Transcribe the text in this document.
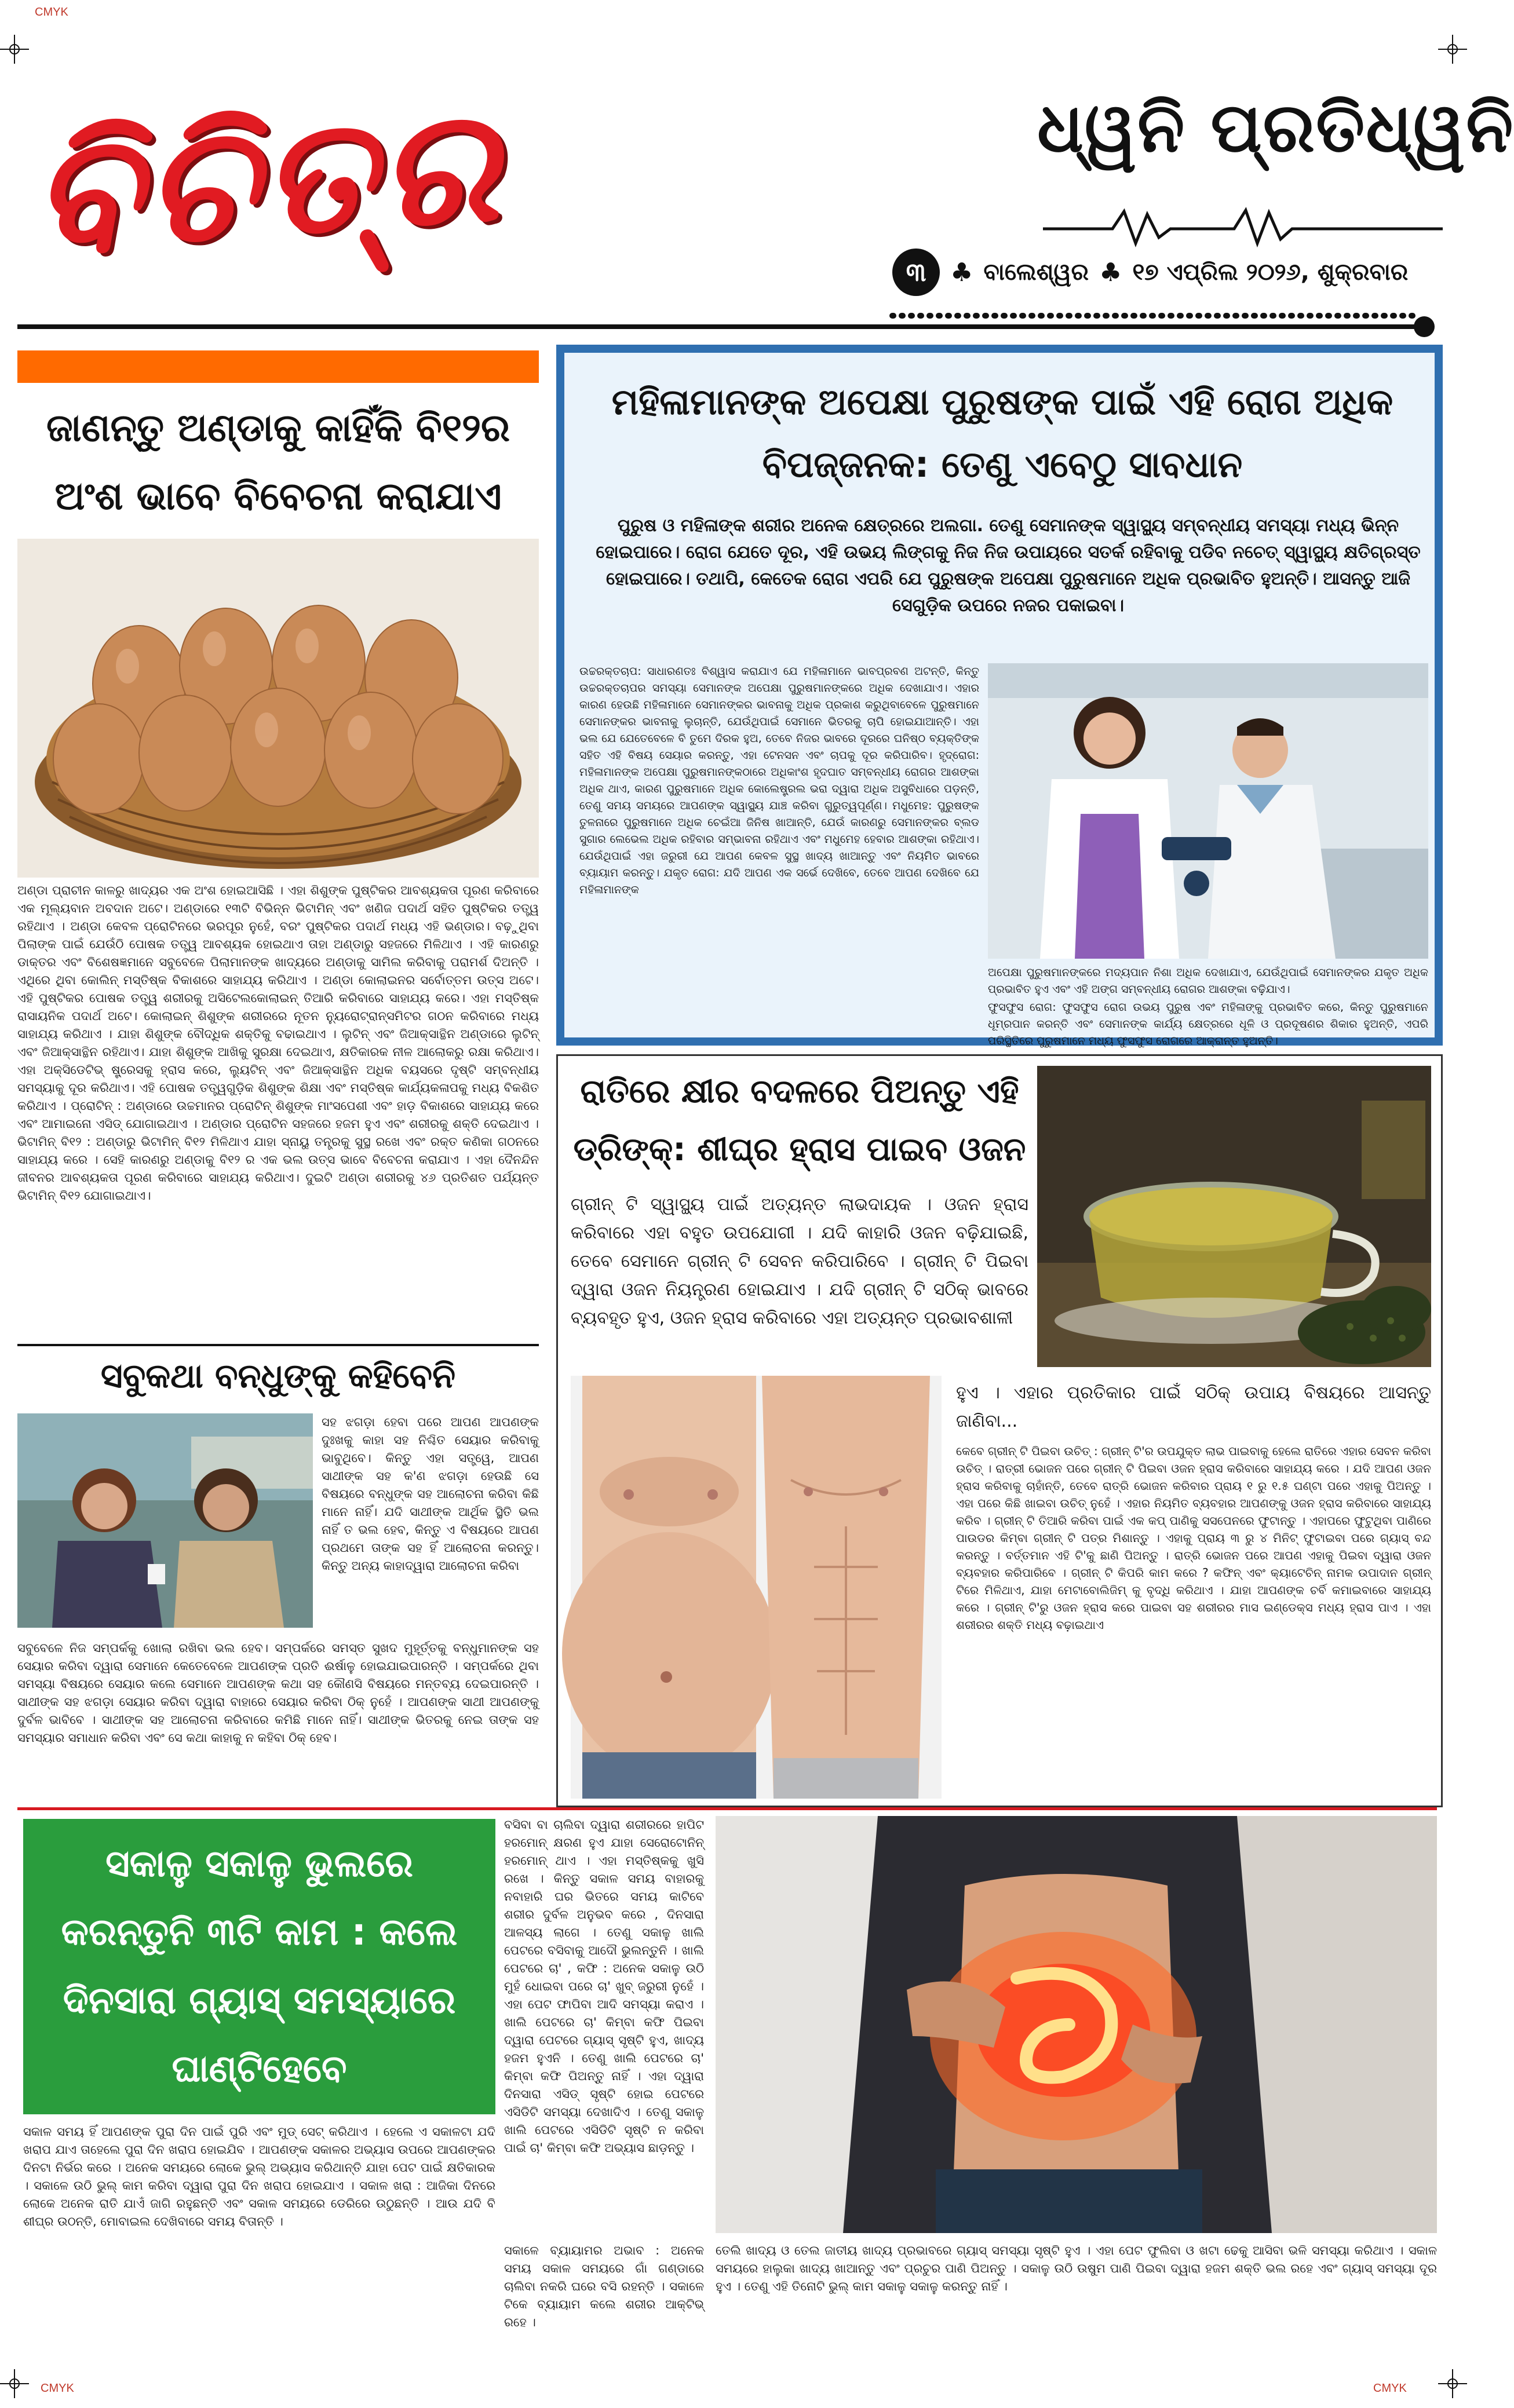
CMYK
CMYK	CMYK
ବିଚିତ୍ର	ଧ୍ୱନି ପ୍ରତିଧ୍ୱନି
୩ ♣ ବାଲେଶ୍ୱର ♣ ୧୭ ଏପ୍ରିଲ ୨୦୨୬, ଶୁକ୍ରବାର
ଜାଣନ୍ତୁ ଅଣ୍ଡାକୁ କାହିଁକି ବି୧୨ର ଅଂଶ ଭାବେ ବିବେଚନା କରାଯାଏ
ଅଣ୍ଡା ପ୍ରାଚୀନ କାଳରୁ ଖାଦ୍ୟର ଏକ ଅଂଶ ହୋଇଆସିଛି । ଏହା ଶିଶୁଙ୍କ ପୁଷ୍ଟିକର ଆବଶ୍ୟକତା ପୂରଣ କରିବାରେ ଏକ ମୂଲ୍ୟବାନ ଅବଦାନ ଅଟେ। ଅଣ୍ଡାରେ ୧୩ଟି ବିଭିନ୍ନ ଭିଟାମିନ୍ ଏବଂ ଖଣିଜ ପଦାର୍ଥ ସହିତ ପୁଷ୍ଟିକର ତତ୍ତ୍ୱ ରହିଥାଏ । ଅଣ୍ଡା କେବଳ ପ୍ରୋଟିନରେ ଭରପୂର ନୁହେଁ, ବରଂ ପୁଷ୍ଟିକର ପଦାର୍ଥ ମଧ୍ୟ ଏହି ଭଣ୍ଡାର। ବଢ଼ୁଥିବା ପିଲାଙ୍କ ପାଇଁ ଯେଉଁଠି ପୋଷକ ତତ୍ତ୍ୱ ଆବଶ୍ୟକ ହୋଇଥାଏ ତାହା ଅଣ୍ଡାରୁ ସହଜରେ ମିଳିଥାଏ । ଏହି କାରଣରୁ ଡାକ୍ତର ଏବଂ ବିଶେଷଜ୍ଞମାନେ ସବୁବେଳେ ପିଲାମାନଙ୍କ ଖାଦ୍ୟରେ ଅଣ୍ଡାକୁ ସାମିଲ କରିବାକୁ ପରାମର୍ଶ ଦିଅନ୍ତି । ଏଥିରେ ଥିବା କୋଲିନ୍ ମସ୍ତିଷ୍କ ବିକାଶରେ ସାହାଯ୍ୟ କରିଥାଏ । ଅଣ୍ଡା କୋଲାଇନର ସର୍ବୋତ୍ତମ ଉତ୍ସ ଅଟେ। ଏହି ପୁଷ୍ଟିକର ପୋଷକ ତତ୍ତ୍ୱ ଶରୀରକୁ ଅସିଟେଲକୋଲାଇନ୍ ତିଆରି କରିବାରେ ସାହାଯ୍ୟ କରେ। ଏହା ମସ୍ତିଷ୍କ ରାସାୟନିକ ପଦାର୍ଥ ଅଟେ। କୋଲାଇନ୍ ଶିଶୁଙ୍କ ଶରୀରରେ ନୂତନ ନ୍ୟୁରୋଟ୍ରାନ୍ସମିଟର ଗଠନ କରିବାରେ ମଧ୍ୟ ସାହାଯ୍ୟ କରିଥାଏ । ଯାହା ଶିଶୁଙ୍କ ବୌଦ୍ଧିକ ଶକ୍ତିକୁ ବଢାଇଥାଏ । ଲୁଟିନ୍ ଏବଂ ଜିଆକ୍ସାନ୍ଥିନ ଅଣ୍ଡାରେ ଲୁଟିନ୍ ଏବଂ ଜିଆକ୍ସାନ୍ଥିନ ରହିଥାଏ। ଯାହା ଶିଶୁଙ୍କ ଆଖିକୁ ସୁରକ୍ଷା ଦେଇଥାଏ, କ୍ଷତିକାରକ ନୀଳ ଆଲୋକରୁ ରକ୍ଷା କରିଥାଏ। ଏହା ଅକ୍ସିଡେଟିଭ୍ ଷ୍ଟ୍ରେସକୁ ହ୍ରାସ କରେ, ଲ୍ୟୁଟିନ୍ ଏବଂ ଜିଆକ୍ସାନ୍ଥିନ ଅଧିକ ବୟସରେ ଦୃଷ୍ଟି ସମ୍ବନ୍ଧୀୟ ସମସ୍ୟାକୁ ଦୂର କରିଥାଏ। ଏହି ପୋଷକ ତତ୍ତ୍ୱଗୁଡ଼ିକ ଶିଶୁଙ୍କ ଶିକ୍ଷା ଏବଂ ମସ୍ତିଷ୍କ କାର୍ଯ୍ୟକଳାପକୁ ମଧ୍ୟ ବିକଶିତ କରିଥାଏ । ପ୍ରୋଟିନ୍ : ଅଣ୍ଡାରେ ଉଚ୍ଚମାନର ପ୍ରୋଟିନ୍ ଶିଶୁଙ୍କ ମାଂସପେଶୀ ଏବଂ ହାଡ଼ ବିକାଶରେ ସାହାଯ୍ୟ କରେ ଏବଂ ଆମାଇନୋ ଏସିଡ୍ ଯୋଗାଇଥାଏ । ଅଣ୍ଡାର ପ୍ରୋଟିନ ସହଜରେ ହଜମ ହୁଏ ଏବଂ ଶରୀରକୁ ଶକ୍ତି ଦେଇଥାଏ । ଭିଟାମିନ୍ ବି୧୨ : ଅଣ୍ଡାରୁ ଭିଟାମିନ୍ ବି୧୨ ମିଳିଥାଏ ଯାହା ସ୍ନାୟୁ ତନ୍ତ୍ରକୁ ସୁସ୍ଥ ରଖେ ଏବଂ ରକ୍ତ କଣିକା ଗଠନରେ ସାହାଯ୍ୟ କରେ । ସେହି କାରଣରୁ ଅଣ୍ଡାକୁ ବି୧୨ ର ଏକ ଭଲ ଉତ୍ସ ଭାବେ ବିବେଚନା କରାଯାଏ । ଏହା ଦୈନନ୍ଦିନ ଜୀବନର ଆବଶ୍ୟକତା ପୂରଣ କରିବାରେ ସାହାଯ୍ୟ କରିଥାଏ। ଦୁଇଟି ଅଣ୍ଡା ଶରୀରକୁ ୪୬ ପ୍ରତିଶତ ପର୍ଯ୍ୟନ୍ତ ଭିଟାମିନ୍ ବି୧୨ ଯୋଗାଇଥାଏ।
ମହିଳାମାନଙ୍କ ଅପେକ୍ଷା ପୁରୁଷଙ୍କ ପାଇଁ ଏହି ରୋଗ ଅଧିକ ବିପଜ୍ଜନକ: ତେଣୁ ଏବେଠୁ ସାବଧାନ
ପୁରୁଷ ଓ ମହିଳାଙ୍କ ଶରୀର ଅନେକ କ୍ଷେତ୍ରରେ ଅଲଗା. ତେଣୁ ସେମାନଙ୍କ ସ୍ୱାସ୍ଥ୍ୟ ସମ୍ବନ୍ଧୀୟ ସମସ୍ୟା ମଧ୍ୟ ଭିନ୍ନ ହୋଇପାରେ। ରୋଗ ଯେତେ ଦୂର, ଏହି ଉଭୟ ଲିଙ୍ଗକୁ ନିଜ ନିଜ ଉପାୟରେ ସତର୍କ ରହିବାକୁ ପଡିବ ନଚେତ୍ ସ୍ୱାସ୍ଥ୍ୟ କ୍ଷତିଗ୍ରସ୍ତ ହୋଇପାରେ। ତଥାପି, କେତେକ ରୋଗ ଏପରି ଯେ ପୁରୁଷଙ୍କ ଅପେକ୍ଷା ପୁରୁଷମାନେ ଅଧିକ ପ୍ରଭାବିତ ହୁଅନ୍ତି। ଆସନ୍ତୁ ଆଜି ସେଗୁଡ଼ିକ ଉପରେ ନଜର ପକାଇବା।
ଉଚ୍ଚରକ୍ତଚାପ: ସାଧାରଣତଃ ବିଶ୍ୱାସ କରାଯାଏ ଯେ ମହିଳାମାନେ ଭାବପ୍ରବଣ ଅଟନ୍ତି, କିନ୍ତୁ ଉଚ୍ଚରକ୍ତଚାପର ସମସ୍ୟା ସେମାନଙ୍କ ଅପେକ୍ଷା ପୁରୁଷମାନଙ୍କରେ ଅଧିକ ଦେଖାଯାଏ। ଏହାର କାରଣ ହେଉଛି ମହିଳାମାନେ ସେମାନଙ୍କର ଭାବନାକୁ ଅଧିକ ପ୍ରକାଶ କରୁଥିବାବେଳେ ପୁରୁଷମାନେ ସେମାନଙ୍କର ଭାବନାକୁ ଲୁଚାନ୍ତି, ଯେଉଁଥିପାଇଁ ସେମାନେ ଭିତରକୁ ଚାପି ହୋଇଯାଆନ୍ତି। ଏହା ଭଲ ଯେ ଯେତେବେଳେ ବି ତୁମେ ଦିରକ ହୁଅ, ତେବେ ନିଜର ଭାବରେ ଦୂରରେ ଘନିଷ୍ଠ ବ୍ୟକ୍ତିଙ୍କ ସହିତ ଏହି ବିଷୟ ସେୟାର କରନ୍ତୁ, ଏହା ଟେନସନ ଏବଂ ଚାପକୁ ଦୂର କରିପାରିବ। ହୃଦ୍‌ରୋଗ: ମହିଳାମାନଙ୍କ ଅପେକ୍ଷା ପୁରୁଷମାନଙ୍କଠାରେ ଅଧିକାଂଶ ହୃଦଘାତ ସମ୍ବନ୍ଧୀୟ ରୋଗର ଆଶଙ୍କା ଅଧିକ ଥାଏ, କାରଣ ପୁରୁଷମାନେ ଅଧିକ କୋଲେଷ୍ଟ୍ରଲ ଭରା ଦ୍ୱାରା ଅଧିକ ଅସୁବିଧାରେ ପଡ଼ନ୍ତି, ତେଣୁ ସମୟ ସମୟରେ ଆପଣଙ୍କ ସ୍ୱାସ୍ଥ୍ୟ ଯାଞ୍ଚ କରିବା ଗୁରୁତ୍ୱପୂର୍ଣ୍ଣ। ମଧୁମେହ: ପୁରୁଷଙ୍କ ତୁଳନାରେ ପୁରୁଷମାନେ ଅଧିକ ଚେଇଁଆ ଜିନିଷ ଖାଆନ୍ତି, ଯେଉଁ କାରଣରୁ ସେମାନଙ୍କର ବ୍ଲଡ ସୁଗାର ଲେଭେଲ ଅଧିକ ରହିବାର ସମ୍ଭାବନା ରହିଥାଏ ଏବଂ ମଧୁମେହ ହେବାର ଆଶଙ୍କା ରହିଥାଏ। ଯେଉଁଥିପାଇଁ ଏହା ଜରୁରୀ ଯେ ଆପଣ କେବଳ ସୁସ୍ଥ ଖାଦ୍ୟ ଖାଆନ୍ତୁ ଏବଂ ନିୟମିତ ଭାବରେ ବ୍ୟାୟାମ କରନ୍ତୁ। ଯକୃତ ରୋଗ: ଯଦି ଆପଣ ଏକ ସର୍ଭେ ଦେଖିବେ, ତେବେ ଆପଣ ଦେଖିବେ ଯେ ମହିଳାମାନଙ୍କ
ଅପେକ୍ଷା ପୁରୁଷମାନଙ୍କରେ ମଦ୍ୟପାନ ନିଶା ଅଧିକ ଦେଖାଯାଏ, ଯେଉଁଥିପାଇଁ ସେମାନଙ୍କର ଯକୃତ ଅଧିକ ପ୍ରଭାବିତ ହୁଏ ଏବଂ ଏହି ଅଙ୍ଗ ସମ୍ବନ୍ଧୀୟ ରୋଗର ଆଶଙ୍କା ବଢ଼ିଯାଏ।
ଫୁସଫୁସ ରୋଗ: ଫୁସଫୁସ ରୋଗ ଉଭୟ ପୁରୁଷ ଏବଂ ମହିଳାଙ୍କୁ ପ୍ରଭାବିତ କରେ, କିନ୍ତୁ ପୁରୁଷମାନେ ଧୂମ୍ରପାନ କରନ୍ତି ଏବଂ ସେମାନଙ୍କ କାର୍ଯ୍ୟ କ୍ଷେତ୍ରରେ ଧୂଳି ଓ ପ୍ରଦୂଷଣର ଶିକାର ହୁଅନ୍ତି, ଏପରି ପରିସ୍ଥିତିରେ ପୁରୁଷମାନେ ମଧ୍ୟ ଫୁସଫୁସ ରୋଗରେ ଆକ୍ରାନ୍ତ ହୁଅନ୍ତି।
ରାତିରେ କ୍ଷୀର ବଦଳରେ ପିଅନ୍ତୁ ଏହି ଡ୍ରିଙ୍କ୍: ଶୀଘ୍ର ହ୍ରାସ ପାଇବ ଓଜନ
ଗ୍ରୀନ୍ ଟି ସ୍ୱାସ୍ଥ୍ୟ ପାଇଁ ଅତ୍ୟନ୍ତ ଲାଭଦାୟକ । ଓଜନ ହ୍ରାସ କରିବାରେ ଏହା ବହୁତ ଉପଯୋଗୀ । ଯଦି କାହାରି ଓଜନ ବଢ଼ିଯାଇଛି, ତେବେ ସେମାନେ ଗ୍ରୀନ୍ ଟି ସେବନ କରିପାରିବେ । ଗ୍ରୀନ୍ ଟି ପିଇବା ଦ୍ୱାରା ଓଜନ ନିୟନ୍ତ୍ରଣ ହୋଇଯାଏ । ଯଦି ଗ୍ରୀନ୍ ଟି ସଠିକ୍ ଭାବରେ ବ୍ୟବହୃତ ହୁଏ, ଓଜନ ହ୍ରାସ କରିବାରେ ଏହା ଅତ୍ୟନ୍ତ ପ୍ରଭାବଶାଳୀ
ହୁଏ । ଏହାର ପ୍ରତିକାର ପାଇଁ ସଠିକ୍ ଉପାୟ ବିଷୟରେ ଆସନ୍ତୁ ଜାଣିବା...
କେବେ ଗ୍ରୀନ୍ ଟି ପିଇବା ଉଚିତ୍ : ଗ୍ରୀନ୍ ଟି'ର ଉପଯୁକ୍ତ ଲାଭ ପାଇବାକୁ ହେଲେ ରାତିରେ ଏହାର ସେବନ କରିବା ଉଚିତ୍ । ରାତ୍ରୀ ଭୋଜନ ପରେ ଗ୍ରୀନ୍ ଟି ପିଇବା ଓଜନ ହ୍ରାସ କରିବାରେ ସାହାଯ୍ୟ କରେ । ଯଦି ଆପଣ ଓଜନ ହ୍ରାସ କରିବାକୁ ଚାହାଁନ୍ତି, ତେବେ ରାତ୍ରି ଭୋଜନ କରିବାର ପ୍ରାୟ ୧ ରୁ ୧.୫ ଘଣ୍ଟା ପରେ ଏହାକୁ ପିଅନ୍ତୁ । ଏହା ପରେ କିଛି ଖାଇବା ଉଚିତ୍ ନୁହେଁ । ଏହାର ନିୟମିତ ବ୍ୟବହାର ଆପଣଙ୍କୁ ଓଜନ ହ୍ରାସ କରିବାରେ ସାହାଯ୍ୟ କରିବ । ଗ୍ରୀନ୍ ଟି ତିଆରି କରିବା ପାଇଁ ଏକ କପ୍ ପାଣିକୁ ସସପେନରେ ଫୁଟାନ୍ତୁ । ଏହାପରେ ଫୁଟୁଥିବା ପାଣିରେ ପାଉଡର କିମ୍ବା ଗ୍ରୀନ୍ ଟି ପତ୍ର ମିଶାନ୍ତୁ । ଏହାକୁ ପ୍ରାୟ ୩ ରୁ ୪ ମିନିଟ୍ ଫୁଟାଇବା ପରେ ଗ୍ୟାସ୍ ବନ୍ଦ କରନ୍ତୁ । ବର୍ତ୍ତମାନ ଏହି ଟି'କୁ ଛାଣି ପିଅନ୍ତୁ । ରାତ୍ରି ଭୋଜନ ପରେ ଆପଣ ଏହାକୁ ପିଇବା ଦ୍ୱାରା ଓଜନ ବ୍ୟବହାର କରିପାରିବେ । ଗ୍ରୀନ୍ ଟି କିପରି କାମ କରେ ? କଫିନ୍ ଏବଂ କ୍ୟାଟେଚିନ୍ ନାମକ ଉପାଦାନ ଗ୍ରୀନ୍ ଟିରେ ମିଳିଥାଏ, ଯାହା ମେଟାବୋଲିଜିମ୍ କୁ ବୃଦ୍ଧି କରିଥାଏ । ଯାହା ଆପଣଙ୍କ ଚର୍ବି କମାଇବାରେ ସାହାଯ୍ୟ କରେ । ଗ୍ରୀନ୍ ଟି'ରୁ ଓଜନ ହ୍ରାସ କରେ ପାଇବା ସହ ଶରୀରର ମାସ ଇଣ୍ଡେକ୍ସ ମଧ୍ୟ ହ୍ରାସ ପାଏ । ଏହା ଶରୀରର ଶକ୍ତି ମଧ୍ୟ ବଢ଼ାଇଥାଏ
ସବୁକଥା ବନ୍ଧୁଙ୍କୁ କହିବେନି
ସହ ଝଗଡ଼ା ହେବା ପରେ ଆପଣ ଆପଣଙ୍କ ଦୁଃଖକୁ କାହା ସହ ନିଶ୍ଚିତ ସେୟାର କରିବାକୁ ଭାବୁଥିବେ। କିନ୍ତୁ ଏହା ସତ୍ତ୍ୱେ, ଆପଣ ସାଥୀଙ୍କ ସହ କ'ଣ ଝଗଡ଼ା ହେଉଛି ସେ ବିଷୟରେ ବନ୍ଧୁଙ୍କ ସହ ଆଲୋଚନା କରିବା କିଛି ମାନେ ନାହିଁ। ଯଦି ସାଥୀଙ୍କ ଆର୍ଥିକ ସ୍ଥିତି ଭଲ ନାହିଁ ତ ଭଲ ହେବ, କିନ୍ତୁ ଏ ବିଷୟରେ ଆପଣ ପ୍ରଥମେ ତାଙ୍କ ସହ ହିଁ ଆଲୋଚନା କରନ୍ତୁ। କିନ୍ତୁ ଅନ୍ୟ କାହାଦ୍ୱାରା ଆଲୋଚନା କରିବା
ସବୁବେଳେ ନିଜ ସମ୍ପର୍କକୁ ଖୋଲା ରଖିବା ଭଲ ହେବ। ସମ୍ପର୍କରେ ସମସ୍ତ ସୁଖଦ ମୁହୂର୍ତ୍ତକୁ ବନ୍ଧୁମାନଙ୍କ ସହ ସେୟାର କରିବା ଦ୍ୱାରା ସେମାନେ କେତେବେଳେ ଆପଣଙ୍କ ପ୍ରତି ଈର୍ଷାଳୁ ହୋଇଯାଇପାରନ୍ତି । ସମ୍ପର୍କରେ ଥିବା ସମସ୍ୟା ବିଷୟରେ ସେୟାର କଲେ ସେମାନେ ଆପଣଙ୍କ କଥା ସହ କୌଣସି ବିଷୟରେ ମନ୍ତବ୍ୟ ଦେଇପାରନ୍ତି । ସାଥୀଙ୍କ ସହ ଝଗଡ଼ା ସେୟାର କରିବା ଦ୍ୱାରା ବାହାରେ ସେୟାର କରିବା ଠିକ୍ ନୁହେଁ । ଆପଣଙ୍କ ସାଥୀ ଆପଣଙ୍କୁ ଦୁର୍ବଳ ଭାବିବେ । ସାଥୀଙ୍କ ସହ ଆଲୋଚନା କରିବାରେ କମିଛି ମାନେ ନାହିଁ। ସାଥୀଙ୍କ ଭିତରକୁ ନେଇ ତାଙ୍କ ସହ ସମସ୍ୟାର ସମାଧାନ କରିବା ଏବଂ ସେ କଥା କାହାକୁ ନ କହିବା ଠିକ୍ ହେବ।
ସକାଳୁ ସକାଳୁ ଭୁଲରେ କରନ୍ତୁନି ୩ଟି କାମ : କଲେ ଦିନସାରା ଗ୍ୟାସ୍ ସମସ୍ୟାରେ ଘାଣ୍ଟିହେବେ
ବସିବା ବା ଚାଲିବା ଦ୍ୱାରା ଶରୀରରେ ହାପିଟ ହରମୋନ୍ କ୍ଷରଣ ହୁଏ ଯାହା ସେରୋଟୋନିନ୍ ହରମୋନ୍ ଥାଏ । ଏହା ମସ୍ତିଷ୍କକୁ ଖୁସି ରଖେ । କିନ୍ତୁ ସକାଳ ସମୟ ବାହାରକୁ ନବାହାରି ଘର ଭିତରେ ସମୟ କାଟିବେ ଶରୀର ଦୁର୍ବଳ ଅନୁଭବ କରେ , ଦିନସାରା ଆଳସ୍ୟ ଲାଗେ । ତେଣୁ ସକାଳୁ ଖାଲି ପେଟରେ ବସିବାକୁ ଆଦୌ ଭୁଲନ୍ତୁନି । ଖାଲି ପେଟରେ ଚା' , କଫି : ଅନେକ ସକାଳୁ ଉଠି ମୁହଁ ଧୋଇବା ପରେ ଚା' ଖୁବ୍ ଜରୁରୀ ନୁହେଁ । ଏହା ପେଟ ଫାପିବା ଆଦି ସମସ୍ୟା କରାଏ । ଖାଲି ପେଟରେ ଚା' କିମ୍ବା କଫି ପିଇବା ଦ୍ୱାରା ପେଟରେ ଗ୍ୟାସ୍ ସୃଷ୍ଟି ହୁଏ, ଖାଦ୍ୟ ହଜମ ହୁଏନି । ତେଣୁ ଖାଲି ପେଟରେ ଚା' କିମ୍ବା କଫି ପିଅନ୍ତୁ ନାହିଁ । ଏହା ଦ୍ୱାରା ଦିନସାରା ଏସିଡ୍ ସୃଷ୍ଟି ହୋଇ ପେଟରେ ଏସିଡିଟି ସମସ୍ୟା ଦେଖାଦିଏ । ତେଣୁ ସକାଳୁ ଖାଲି ପେଟରେ ଏସିଡିଟି ସୃଷ୍ଟି ନ କରିବା ପାଇଁ ଚା' କିମ୍ବା କଫି ଅଭ୍ୟାସ ଛାଡ଼ନ୍ତୁ ।
ସକାଳ ସମୟ ହିଁ ଆପଣଙ୍କ ପୁରା ଦିନ ପାଇଁ ପୁରି ଏବଂ ମୁଡ୍ ସେଟ୍ କରିଥାଏ । ହେଲେ ଏ ସକାଳଟା ଯଦି ଖରାପ ଯାଏ ତାହେଲେ ପୁରା ଦିନ ଖରାପ ହୋଇଯିବ । ଆପଣଙ୍କ ସକାଳର ଅଭ୍ୟାସ ଉପରେ ଆପଣଙ୍କର ଦିନଟା ନିର୍ଭର କରେ । ଅନେକ ସମୟରେ ଲୋକେ ଭୁଲ୍ ଅଭ୍ୟାସ କରିଥାନ୍ତି ଯାହା ପେଟ ପାଇଁ କ୍ଷତିକାରକ । ସକାଳେ ଉଠି ଭୁଲ୍ କାମ କରିବା ଦ୍ୱାରା ପୁରା ଦିନ ଖରାପ ହୋଇଯାଏ । ସକାଳ ଖରା : ଆଜିକା ଦିନରେ ଲୋକେ ଅନେକ ରାତି ଯାଏଁ ଜାଗି ରହୁଛନ୍ତି ଏବଂ ସକାଳ ସମୟରେ ଡେରିରେ ଉଠୁଛନ୍ତି । ଆଉ ଯଦି ବି ଶୀଘ୍ର ଉଠନ୍ତି, ମୋବାଇଲ ଦେଖିବାରେ ସମୟ ବିତାନ୍ତି ।
ସକାଳେ ବ୍ୟାୟାମର ଅଭାବ : ଅନେକ ସମୟ ସକାଳ ସମୟରେ ଗାଁ ଗଣ୍ଡାରେ ଚାଲିବା ନକରି ଘରେ ବସି ରହନ୍ତି । ସକାଳେ ଟିକେ ବ୍ୟାୟାମ କଲେ ଶରୀର ଆକ୍ଟିଭ୍ ରହେ ।
ତେଲି ଖାଦ୍ୟ ଓ ତେଲ ଜାତୀୟ ଖାଦ୍ୟ ପ୍ରଭାବରେ ଗ୍ୟାସ୍ ସମସ୍ୟା ସୃଷ୍ଟି ହୁଏ । ଏହା ପେଟ ଫୁଲିବା ଓ ଖଟା ଢେକୁ ଆସିବା ଭଳି ସମସ୍ୟା କରିଥାଏ । ସକାଳ ସମୟରେ ହାଲୁକା ଖାଦ୍ୟ ଖାଆନ୍ତୁ ଏବଂ ପ୍ରଚୁର ପାଣି ପିଅନ୍ତୁ । ସକାଳୁ ଉଠି ଉଷୁମ ପାଣି ପିଇବା ଦ୍ୱାରା ହଜମ ଶକ୍ତି ଭଲ ରହେ ଏବଂ ଗ୍ୟାସ୍ ସମସ୍ୟା ଦୂର ହୁଏ । ତେଣୁ ଏହି ତିନୋଟି ଭୁଲ୍ କାମ ସକାଳୁ ସକାଳୁ କରନ୍ତୁ ନାହିଁ ।
